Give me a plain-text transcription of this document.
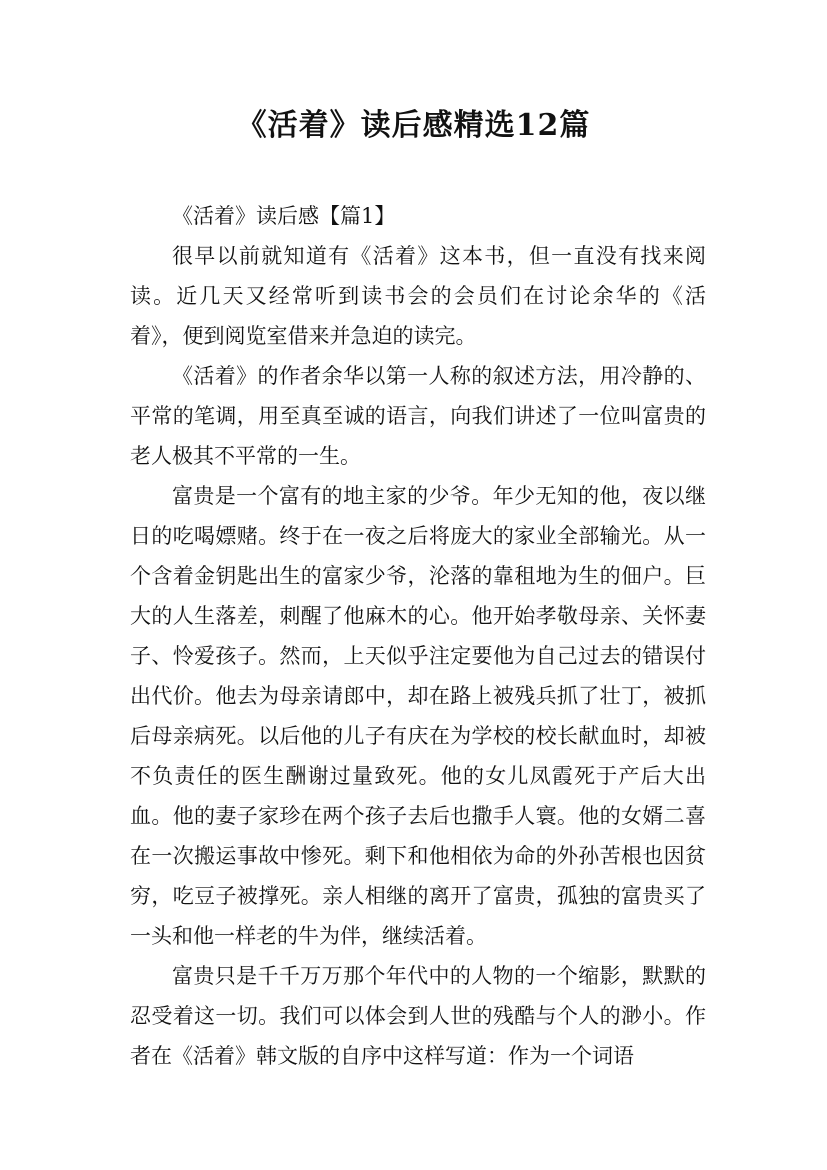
《活着》读后感精选12篇

《活着》读后感【篇1】

很早以前就知道有《活着》这本书，但一直没有找来阅读。近几天又经常听到读书会的会员们在讨论余华的《活着》，便到阅览室借来并急迫的读完。

《活着》的作者余华以第一人称的叙述方法，用冷静的、平常的笔调，用至真至诚的语言，向我们讲述了一位叫富贵的老人极其不平常的一生。

富贵是一个富有的地主家的少爷。年少无知的他，夜以继日的吃喝嫖赌。终于在一夜之后将庞大的家业全部输光。从一个含着金钥匙出生的富家少爷，沦落的靠租地为生的佃户。巨大的人生落差，刺醒了他麻木的心。他开始孝敬母亲、关怀妻子、怜爱孩子。然而，上天似乎注定要他为自己过去的错误付出代价。他去为母亲请郎中，却在路上被残兵抓了壮丁，被抓后母亲病死。以后他的儿子有庆在为学校的校长献血时，却被不负责任的医生酬谢过量致死。他的女儿凤霞死于产后大出血。他的妻子家珍在两个孩子去后也撒手人寰。他的女婿二喜在一次搬运事故中惨死。剩下和他相依为命的外孙苦根也因贫穷，吃豆子被撑死。亲人相继的离开了富贵，孤独的富贵买了一头和他一样老的牛为伴，继续活着。

富贵只是千千万万那个年代中的人物的一个缩影，默默的忍受着这一切。我们可以体会到人世的残酷与个人的渺小。作者在《活着》韩文版的自序中这样写道：作为一个词语
